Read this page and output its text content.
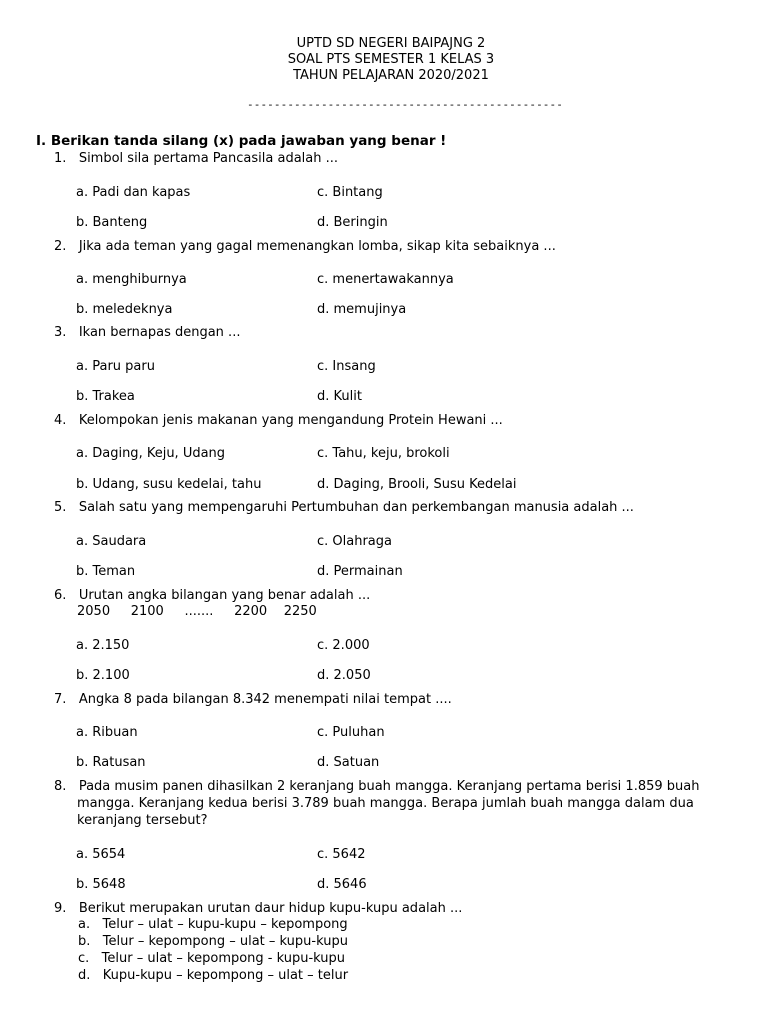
UPTD SD NEGERI BAIPAJNG 2
SOAL PTS SEMESTER 1 KELAS 3
TAHUN PELAJARAN 2020/2021
-----------------------------------------------
I. Berikan tanda silang (x) pada jawaban yang benar !
1. Simbol sila pertama Pancasila adalah ...
a. Padi dan kapas	c. Bintang
b. Banteng	d. Beringin
2. Jika ada teman yang gagal memenangkan lomba, sikap kita sebaiknya ...
a. menghiburnya	c. menertawakannya
b. meledeknya	d. memujinya
3. Ikan bernapas dengan ...
a. Paru paru	c. Insang
b. Trakea	d. Kulit
4. Kelompokan jenis makanan yang mengandung Protein Hewani ...
a. Daging, Keju, Udang	c. Tahu, keju, brokoli
b. Udang, susu kedelai, tahu	d. Daging, Brooli, Susu Kedelai
5. Salah satu yang mempengaruhi Pertumbuhan dan perkembangan manusia adalah ...
a. Saudara	c. Olahraga
b. Teman	d. Permainan
6. Urutan angka bilangan yang benar adalah ...
2050     2100     .......     2200    2250
a. 2.150	c. 2.000
b. 2.100	d. 2.050
7. Angka 8 pada bilangan 8.342 menempati nilai tempat ....
a. Ribuan	c. Puluhan
b. Ratusan	d. Satuan
8. Pada musim panen dihasilkan 2 keranjang buah mangga. Keranjang pertama berisi 1.859 buah
mangga. Keranjang kedua berisi 3.789 buah mangga. Berapa jumlah buah mangga dalam dua
keranjang tersebut?
a. 5654	c. 5642
b. 5648	d. 5646
9. Berikut merupakan urutan daur hidup kupu-kupu adalah ...
a.   Telur – ulat – kupu-kupu – kepompong
b.   Telur – kepompong – ulat – kupu-kupu
c.   Telur – ulat – kepompong - kupu-kupu
d.   Kupu-kupu – kepompong – ulat – telur
